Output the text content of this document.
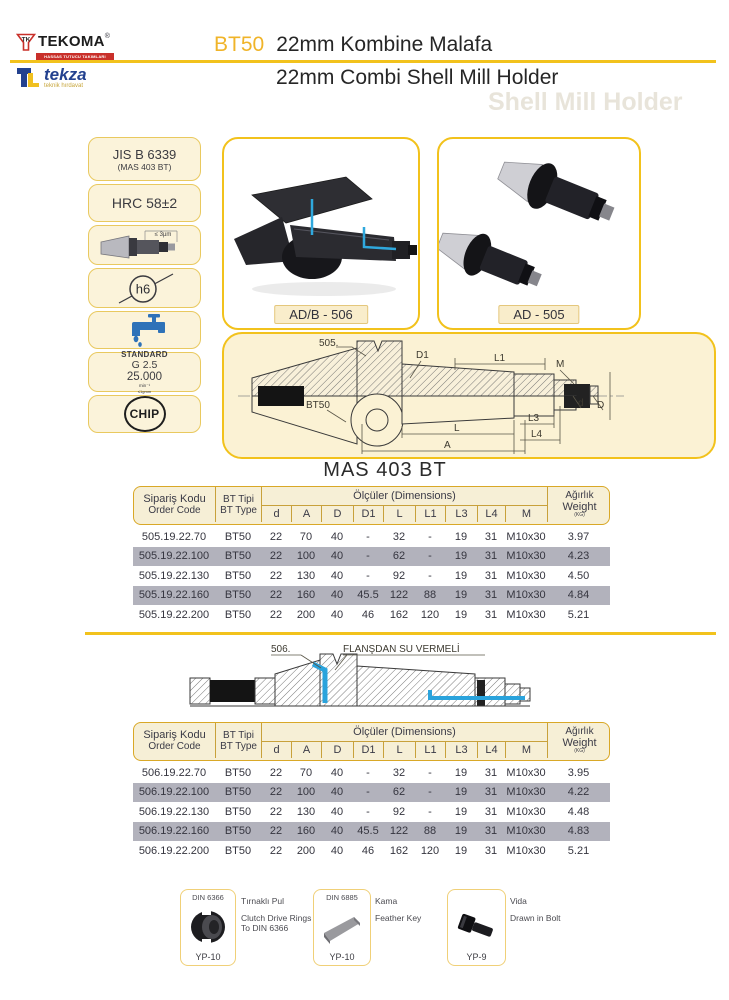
TK TEKOMA®
HASSAS TUTUCU TAKIMLARI
tekza
teknik hırdavat
BT50 22mm Kombine Malafa
Shell Mill Holder
22mm Combi Shell Mill Holder
JIS B 6339
(MAS 403 BT)
HRC 58±2
≤ 3µm
h6
STANDARD
G 2.5
25.000
min⁻¹
≤1gmm
CHIP
AD/B - 506	AD - 505
505.
D1	L1
M
d D
BT50
L
A
L3
L4
MAS 403 BT
Sipariş Kodu
Order Code
BT Tipi
BT Type
Ölçüler (Dimensions)
d	A	D	D1	L	L1	L3	L4	M
Ağırlık
Weight
(KG)
505.19.22.70	BT50	22	70	40	-	32	-	19	31 M10x30	3.97
505.19.22.100	BT50	22	100	40	-	62	-	19	31 M10x30	4.23
505.19.22.130	BT50	22	130	40	-	92	-	19	31 M10x30	4.50
505.19.22.160	BT50	22	160	40	45.5	122	88	19	31 M10x30	4.84
505.19.22.200	BT50	22	200	40	46	162	120	19	31 M10x30	5.21
506.	FLANŞDAN SU VERMELİ
Sipariş Kodu
Order Code
BT Tipi
BT Type
Ölçüler (Dimensions)
d	A	D	D1	L	L1	L3	L4	M
Ağırlık
Weight
(KG)
506.19.22.70	BT50	22	70	40	-	32	-	19	31 M10x30	3.95
506.19.22.100	BT50	22	100	40	-	62	-	19	31 M10x30	4.22
506.19.22.130	BT50	22	130	40	-	92	-	19	31 M10x30	4.48
506.19.22.160	BT50	22	160	40	45.5	122	88	19	31 M10x30	4.83
506.19.22.200	BT50	22	200	40	46	162	120	19	31 M10x30	5.21
DIN 6366
YP-10
Tırnaklı Pul
Clutch Drive Rings
To DIN 6366
DIN 6885
YP-10
Kama
Feather Key
YP-9
Vida
Drawn in Bolt
